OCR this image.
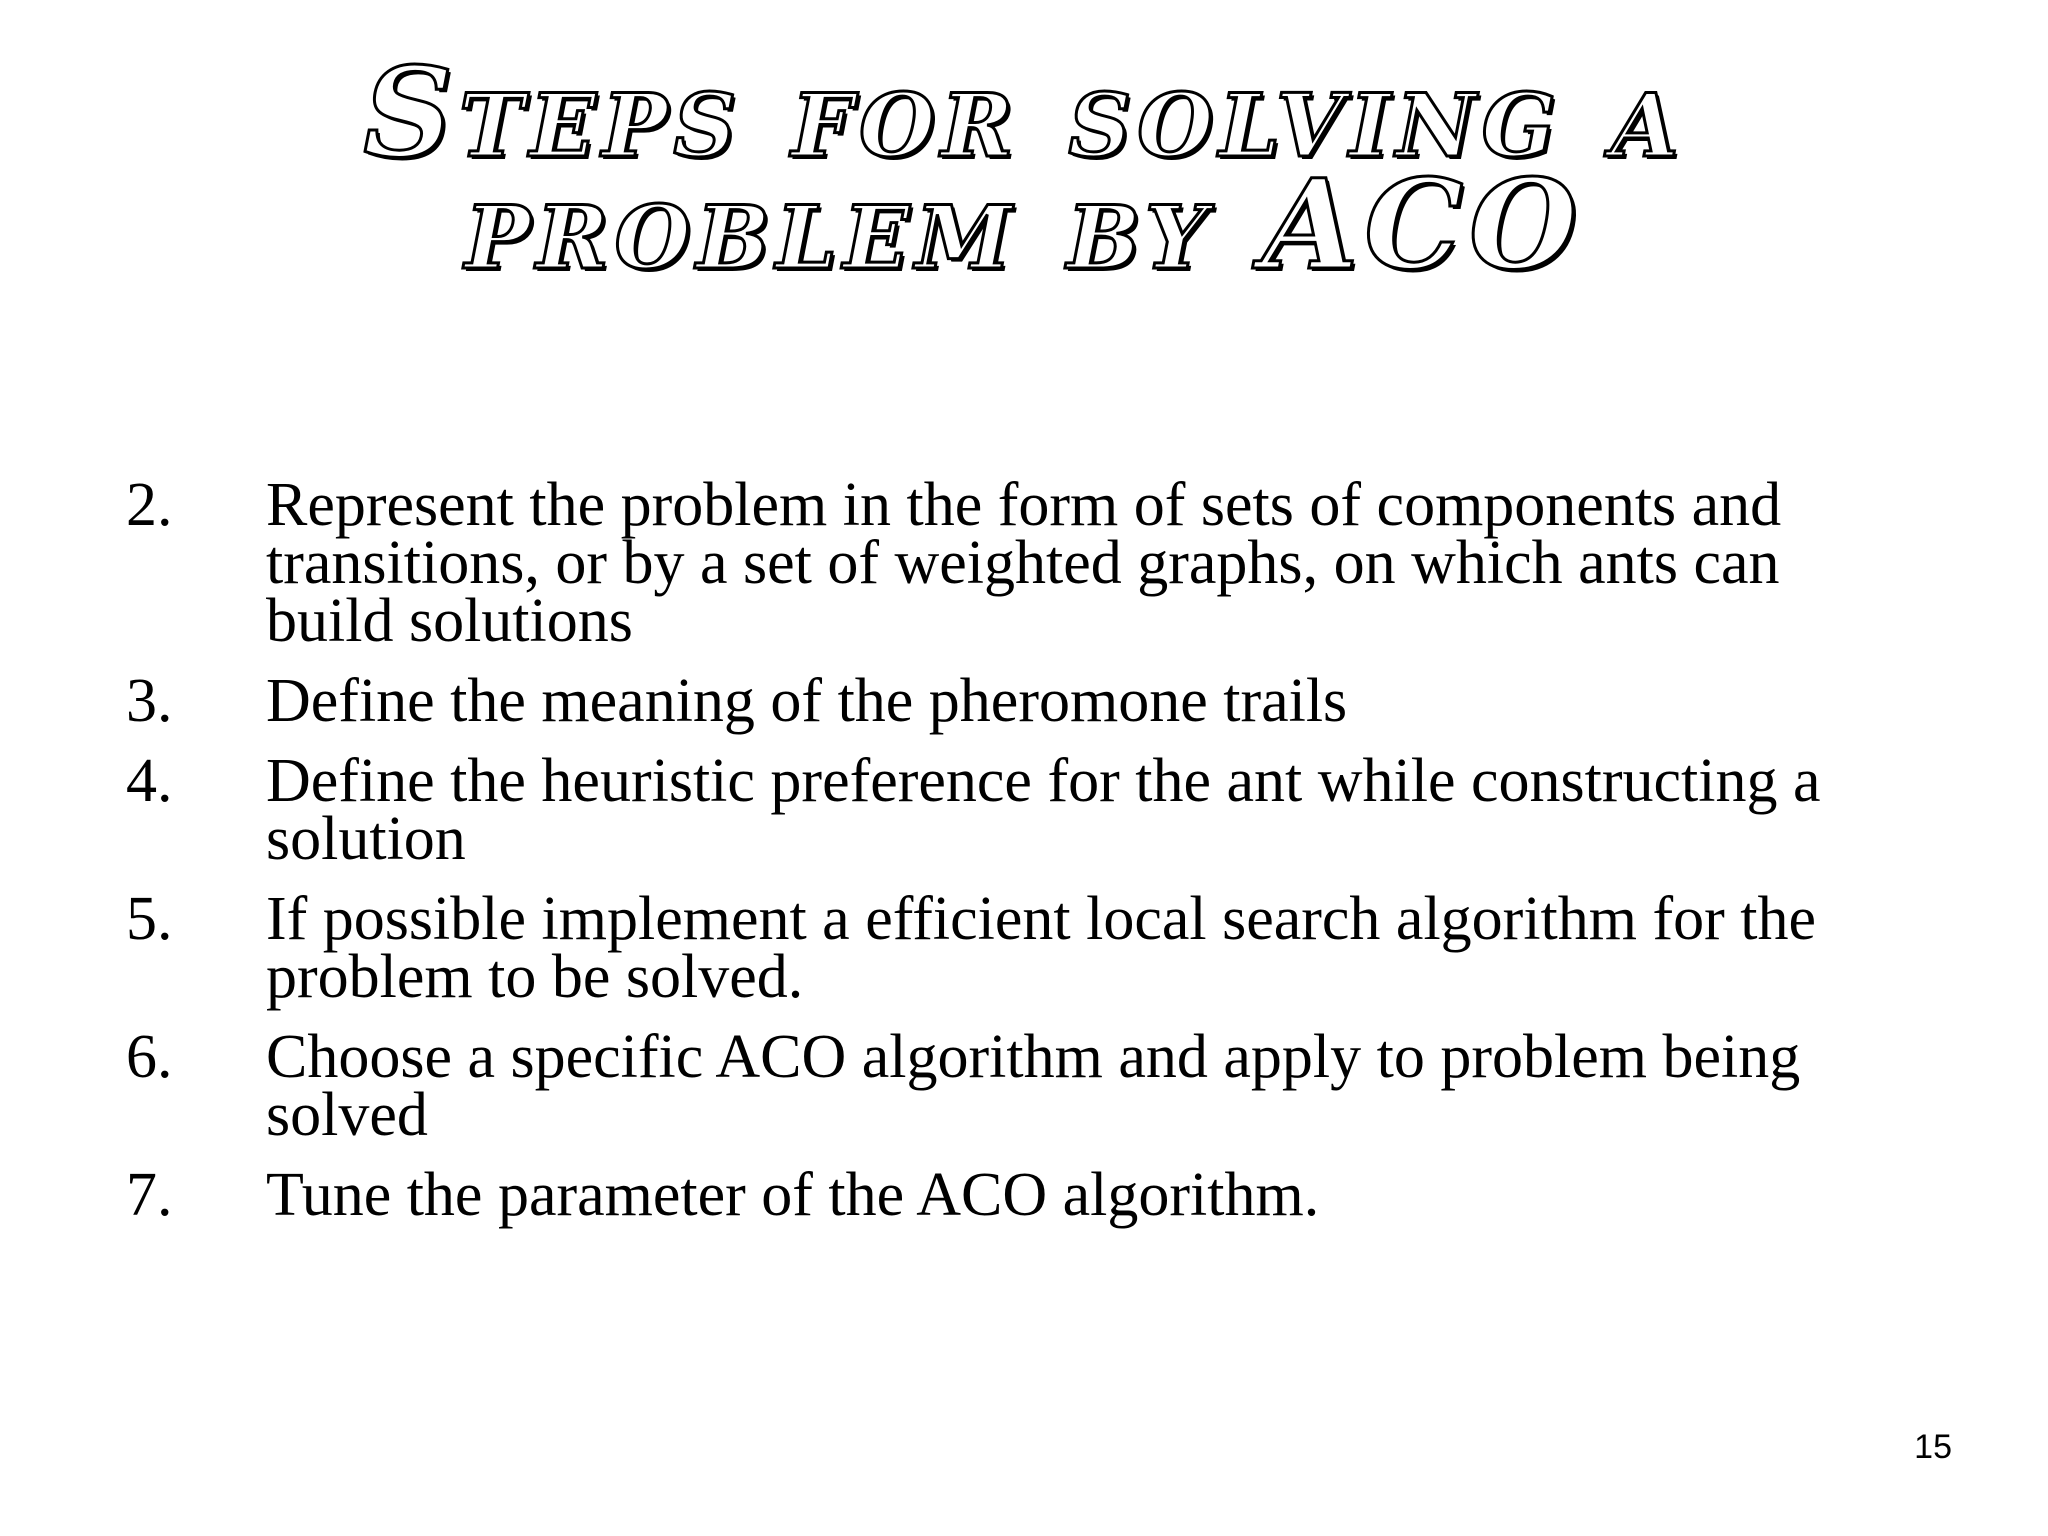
Steps for solving a
problem by ACO
2. Represent the problem in the form of sets of components and transitions, or by a set of weighted graphs, on which ants can build solutions
3. Define the meaning of the pheromone trails
4. Define the heuristic preference for the ant while constructing a solution
5. If possible implement a efficient local search algorithm for the problem to be solved.
6. Choose a specific ACO algorithm and apply to problem being solved
7. Tune the parameter of the ACO algorithm.
15
